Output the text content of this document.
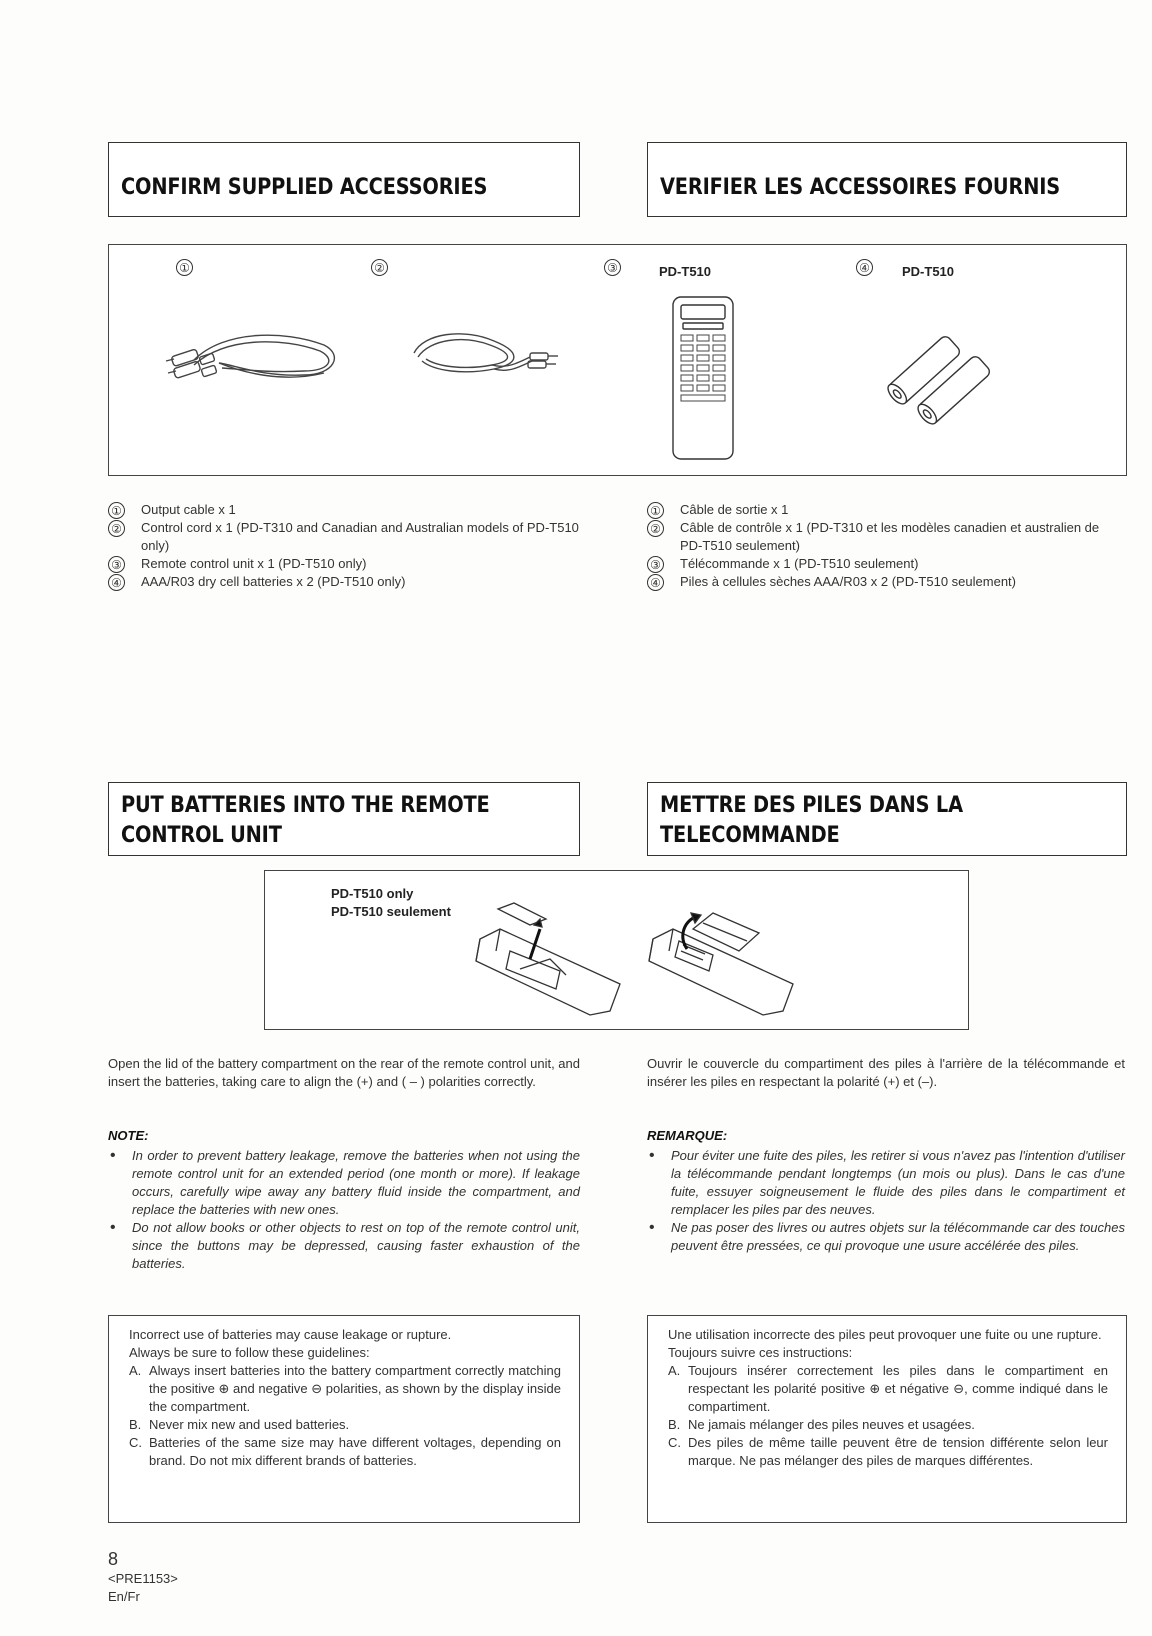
CONFIRM SUPPLIED ACCESSORIES	VERIFIER LES ACCESSOIRES FOURNIS
①	②	③	PD-T510	④ PD-T510
① Output cable x 1
② Control cord x 1 (PD-T310 and Canadian and Australian models of PD-T510 only)
③ Remote control unit x 1 (PD-T510 only)
④ AAA/R03 dry cell batteries x 2 (PD-T510 only)
① Câble de sortie x 1
② Câble de contrôle x 1 (PD-T310 et les modèles canadien et australien de PD-T510 seulement)
③ Télécommande x 1 (PD-T510 seulement)
④ Piles à cellules sèches AAA/R03 x 2 (PD-T510 seulement)
PUT BATTERIES INTO THE REMOTE
CONTROL UNIT
METTRE DES PILES DANS LA
TELECOMMANDE
PD-T510 only
PD-T510 seulement

Open the lid of the battery compartment on the rear of the remote control unit, and insert the batteries, taking care to align the (+) and ( – ) polarities correctly.

Ouvrir le couvercle du compartiment des piles à l'arrière de la télécommande et insérer les piles en respectant la polarité (+) et (–).

NOTE:
• In order to prevent battery leakage, remove the batteries when not using the remote control unit for an extended period (one month or more). If leakage occurs, carefully wipe away any battery fluid inside the compartment, and replace the batteries with new ones.
• Do not allow books or other objects to rest on top of the remote control unit, since the buttons may be depressed, causing faster exhaustion of the batteries.
REMARQUE:
• Pour éviter une fuite des piles, les retirer si vous n'avez pas l'intention d'utiliser la télécommande pendant longtemps (un mois ou plus). Dans le cas d'une fuite, essuyer soigneusement le fluide des piles dans le compartiment et remplacer les piles par des neuves.
• Ne pas poser des livres ou autres objets sur la télécommande car des touches peuvent être pressées, ce qui provoque une usure accélérée des piles.
Incorrect use of batteries may cause leakage or rupture.
Always be sure to follow these guidelines:
A. Always insert batteries into the battery compartment correctly matching the positive ⊕ and negative ⊖ polarities, as shown by the display inside the compartment.
B. Never mix new and used batteries.
C. Batteries of the same size may have different voltages, depending on brand. Do not mix different brands of batteries.
Une utilisation incorrecte des piles peut provoquer une fuite ou une rupture.
Toujours suivre ces instructions:
A. Toujours insérer correctement les piles dans le compartiment en respectant les polarité positive ⊕ et négative ⊖, comme indiqué dans le compartiment.
B. Ne jamais mélanger des piles neuves et usagées.
C. Des piles de même taille peuvent être de tension différente selon leur marque. Ne pas mélanger des piles de marques différentes.
8
<PRE1153>
En/Fr
